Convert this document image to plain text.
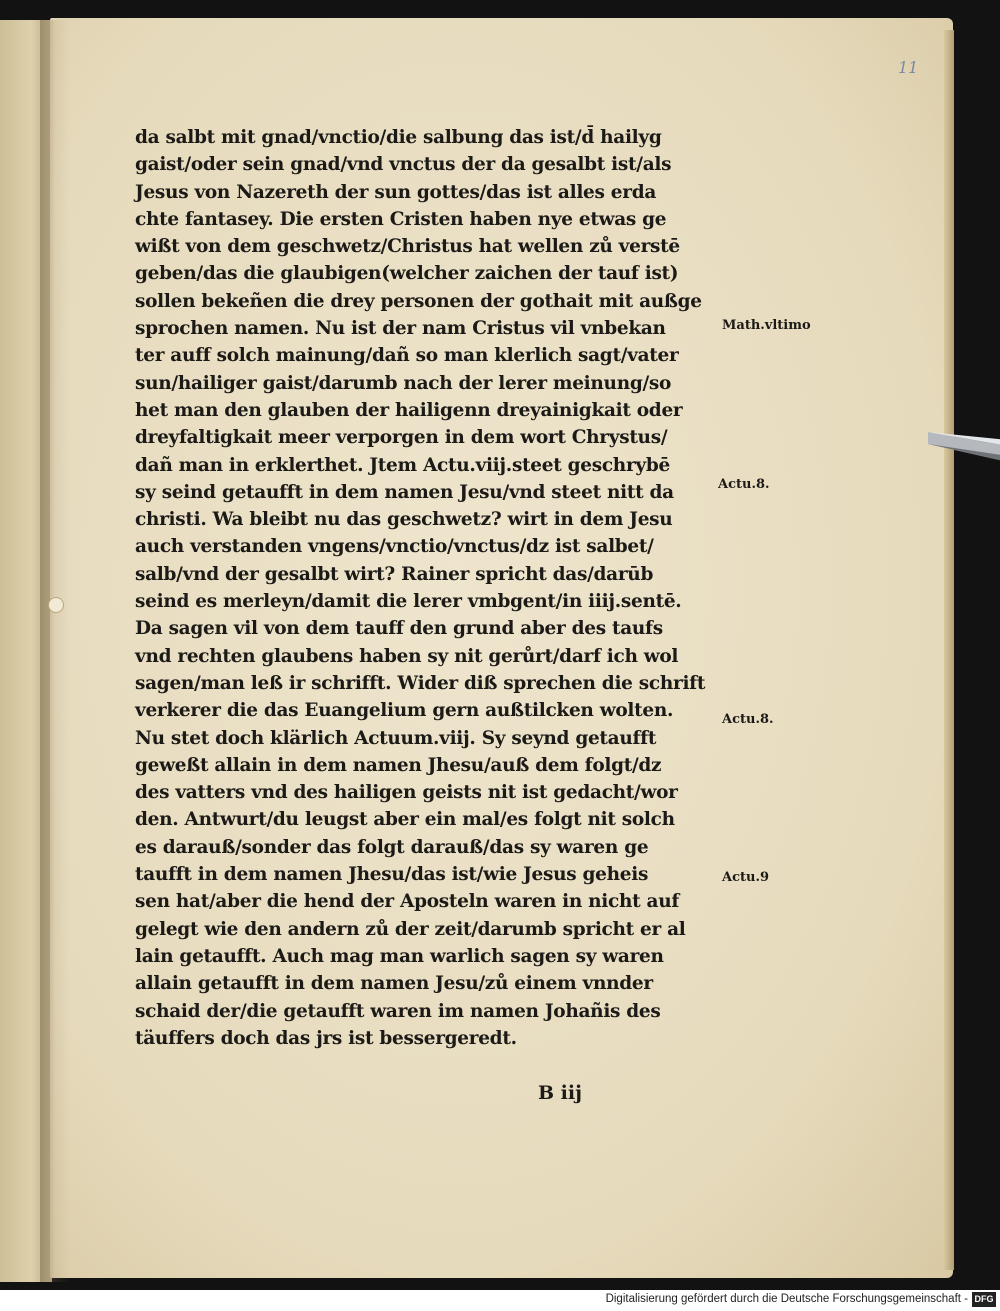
11
da salbt mit gnad/vnctio/die salbung das ist/d̄ hailyg
gaist/oder sein gnad/vnd vnctus der da gesalbt ist/als
Jesus von Nazereth der sun gottes/das ist alles erda
chte fantasey. Die ersten Cristen haben nye etwas ge
wißt von dem geschwetz/Christus hat wellen zů verstē
geben/das die glaubigen(welcher zaichen der tauf ist)
sollen bekeñen die drey personen der gothait mit außge
sprochen namen. Nu ist der nam Cristus vil vnbekan
ter auff solch mainung/dañ so man klerlich sagt/vater
sun/hailiger gaist/darumb nach der lerer meinung/so
het man den glauben der hailigenn dreyainigkait oder
dreyfaltigkait meer verporgen in dem wort Chrystus/
dañ man in erklerthet. Jtem Actu.viij.steet geschrybē
sy seind getaufft in dem namen Jesu/vnd steet nitt da
christi. Wa bleibt nu das geschwetz? wirt in dem Jesu
auch verstanden vngens/vnctio/vnctus/dz ist salbet/
salb/vnd der gesalbt wirt? Rainer spricht das/darūb
seind es merleyn/damit die lerer vmbgent/in iiij.sentē.
Da sagen vil von dem tauff den grund aber des taufs
vnd rechten glaubens haben sy nit gerůrt/darf ich wol
sagen/man leß ir schrifft. Wider diß sprechen die schrift
verkerer die das Euangelium gern außtilcken wolten.
Nu stet doch klärlich Actuum.viij. Sy seynd getaufft
geweßt allain in dem namen Jhesu/auß dem folgt/dz
des vatters vnd des hailigen geists nit ist gedacht/wor
den. Antwurt/du leugst aber ein mal/es folgt nit solch
es darauß/sonder das folgt darauß/das sy waren ge
taufft in dem namen Jhesu/das ist/wie Jesus geheis
sen hat/aber die hend der Aposteln waren in nicht auf
gelegt wie den andern zů der zeit/darumb spricht er al
lain getaufft. Auch mag man warlich sagen sy waren
allain getaufft in dem namen Jesu/zů einem vnnder
schaid der/die getaufft waren im namen Johañis des
täuffers doch das jrs ist bessergeredt.
B iij
Math.vltimo
Actu.8.
Actu.8.
Actu.9
Digitalisierung gefördert durch die Deutsche Forschungsgemeinschaft - DFG
